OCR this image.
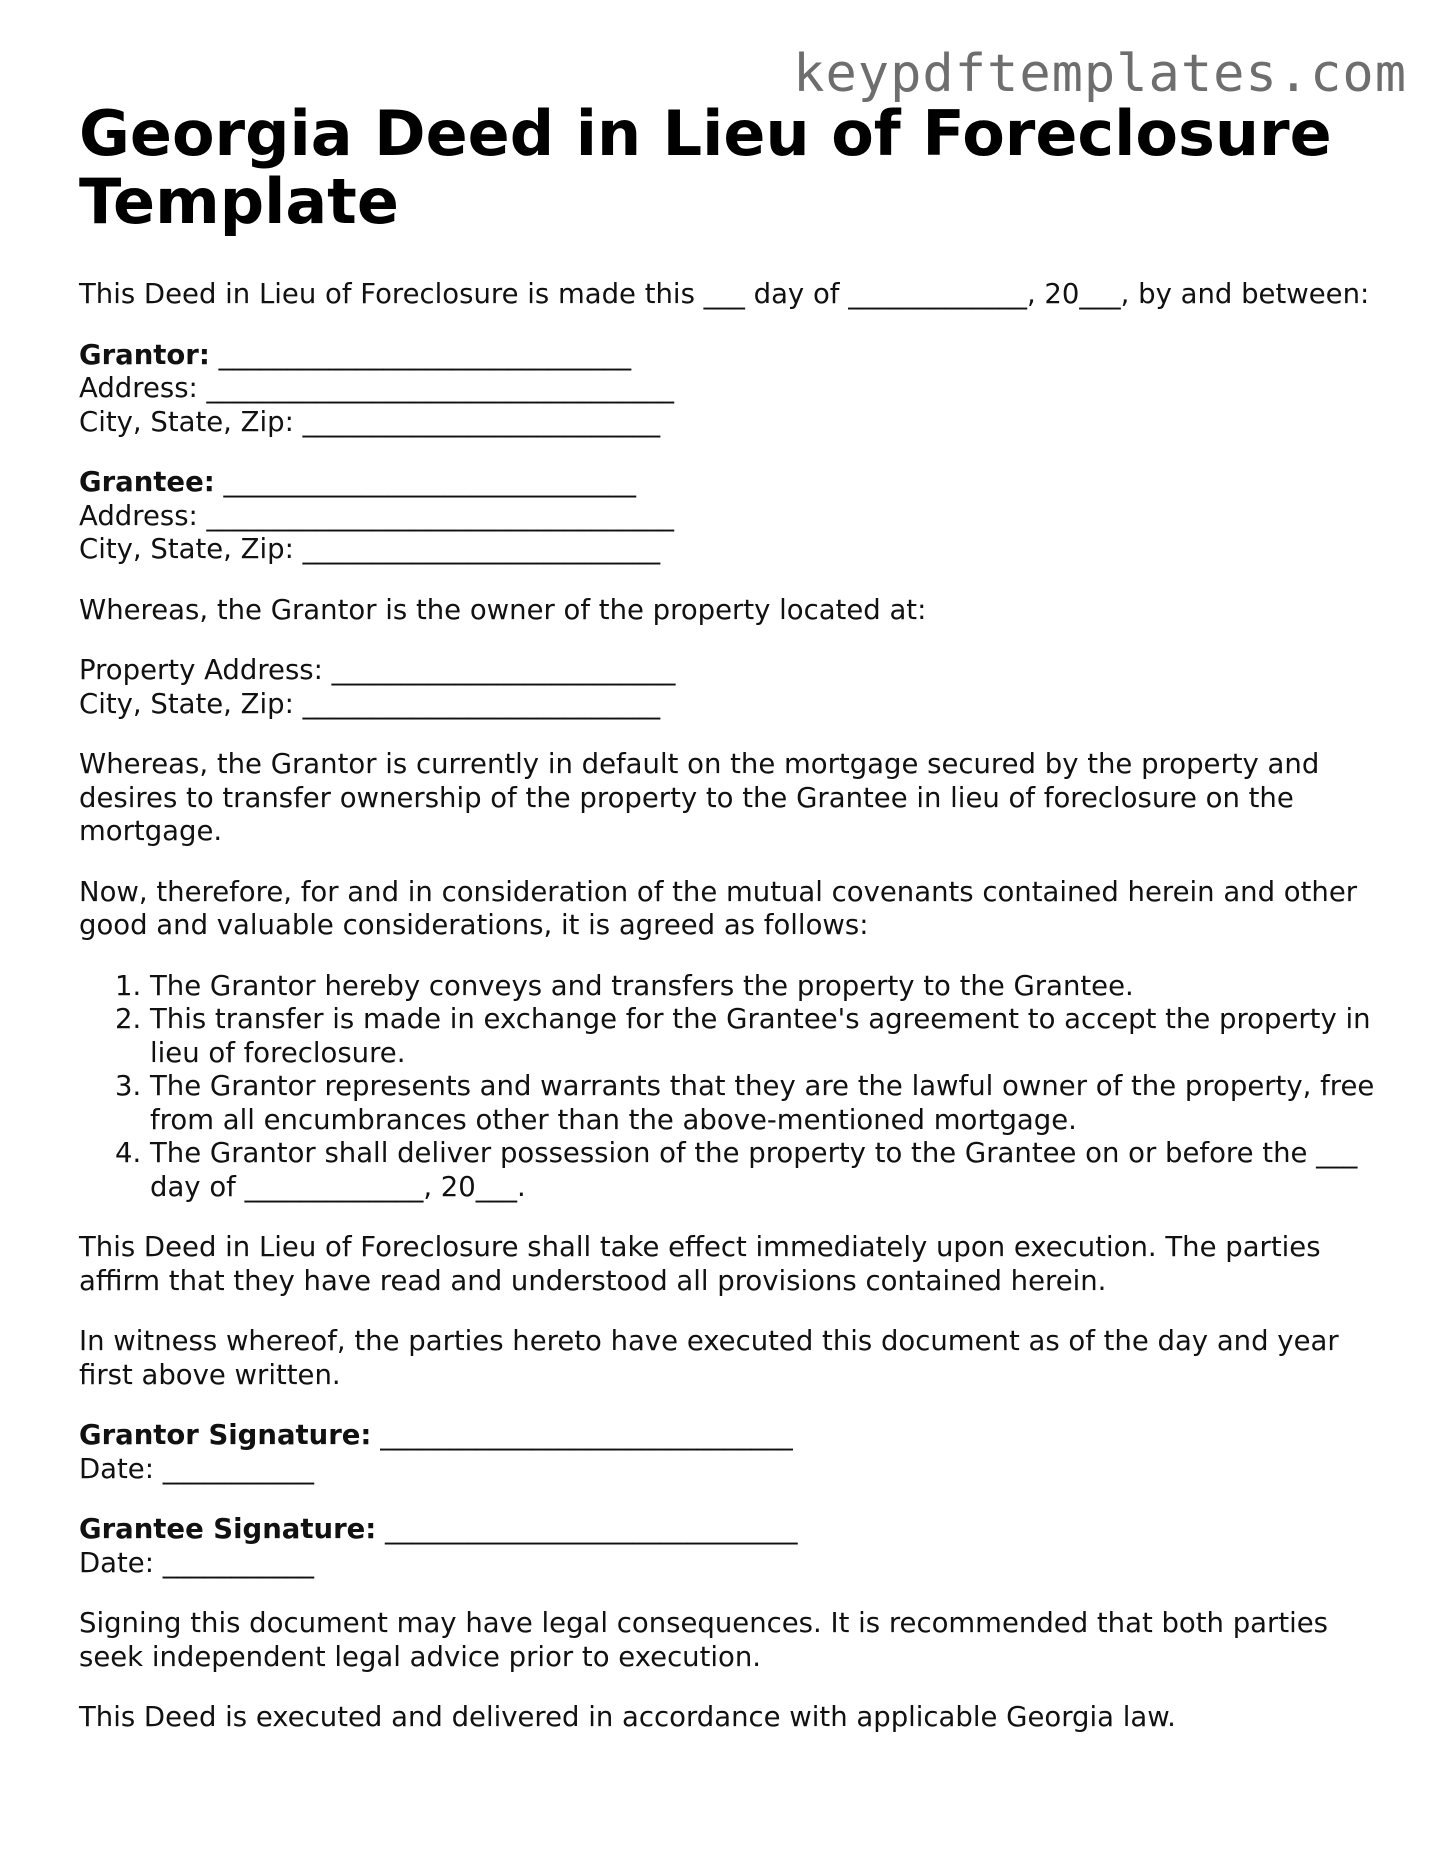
keypdftemplates.com
Georgia Deed in Lieu of Foreclosure Template

This Deed in Lieu of Foreclosure is made this ___ day of _____________, 20___, by and between:

Grantor: ______________________________
Address: __________________________________
City, State, Zip: __________________________
Grantee: ______________________________
Address: __________________________________
City, State, Zip: __________________________

Whereas, the Grantor is the owner of the property located at:

Property Address: _________________________
City, State, Zip: __________________________

Whereas, the Grantor is currently in default on the mortgage secured by the property and desires to transfer ownership of the property to the Grantee in lieu of foreclosure on the mortgage.

Now, therefore, for and in consideration of the mutual covenants contained herein and other good and valuable considerations, it is agreed as follows:

1. The Grantor hereby conveys and transfers the property to the Grantee.
2. This transfer is made in exchange for the Grantee's agreement to accept the property in lieu of foreclosure.
3. The Grantor represents and warrants that they are the lawful owner of the property, free from all encumbrances other than the above-mentioned mortgage.
4. The Grantor shall deliver possession of the property to the Grantee on or before the ___ day of _____________, 20___.

This Deed in Lieu of Foreclosure shall take effect immediately upon execution. The parties affirm that they have read and understood all provisions contained herein.

In witness whereof, the parties hereto have executed this document as of the day and year first above written.

Grantor Signature: ______________________________
Date: ___________
Grantee Signature: ______________________________
Date: ___________

Signing this document may have legal consequences. It is recommended that both parties seek independent legal advice prior to execution.

This Deed is executed and delivered in accordance with applicable Georgia law.
